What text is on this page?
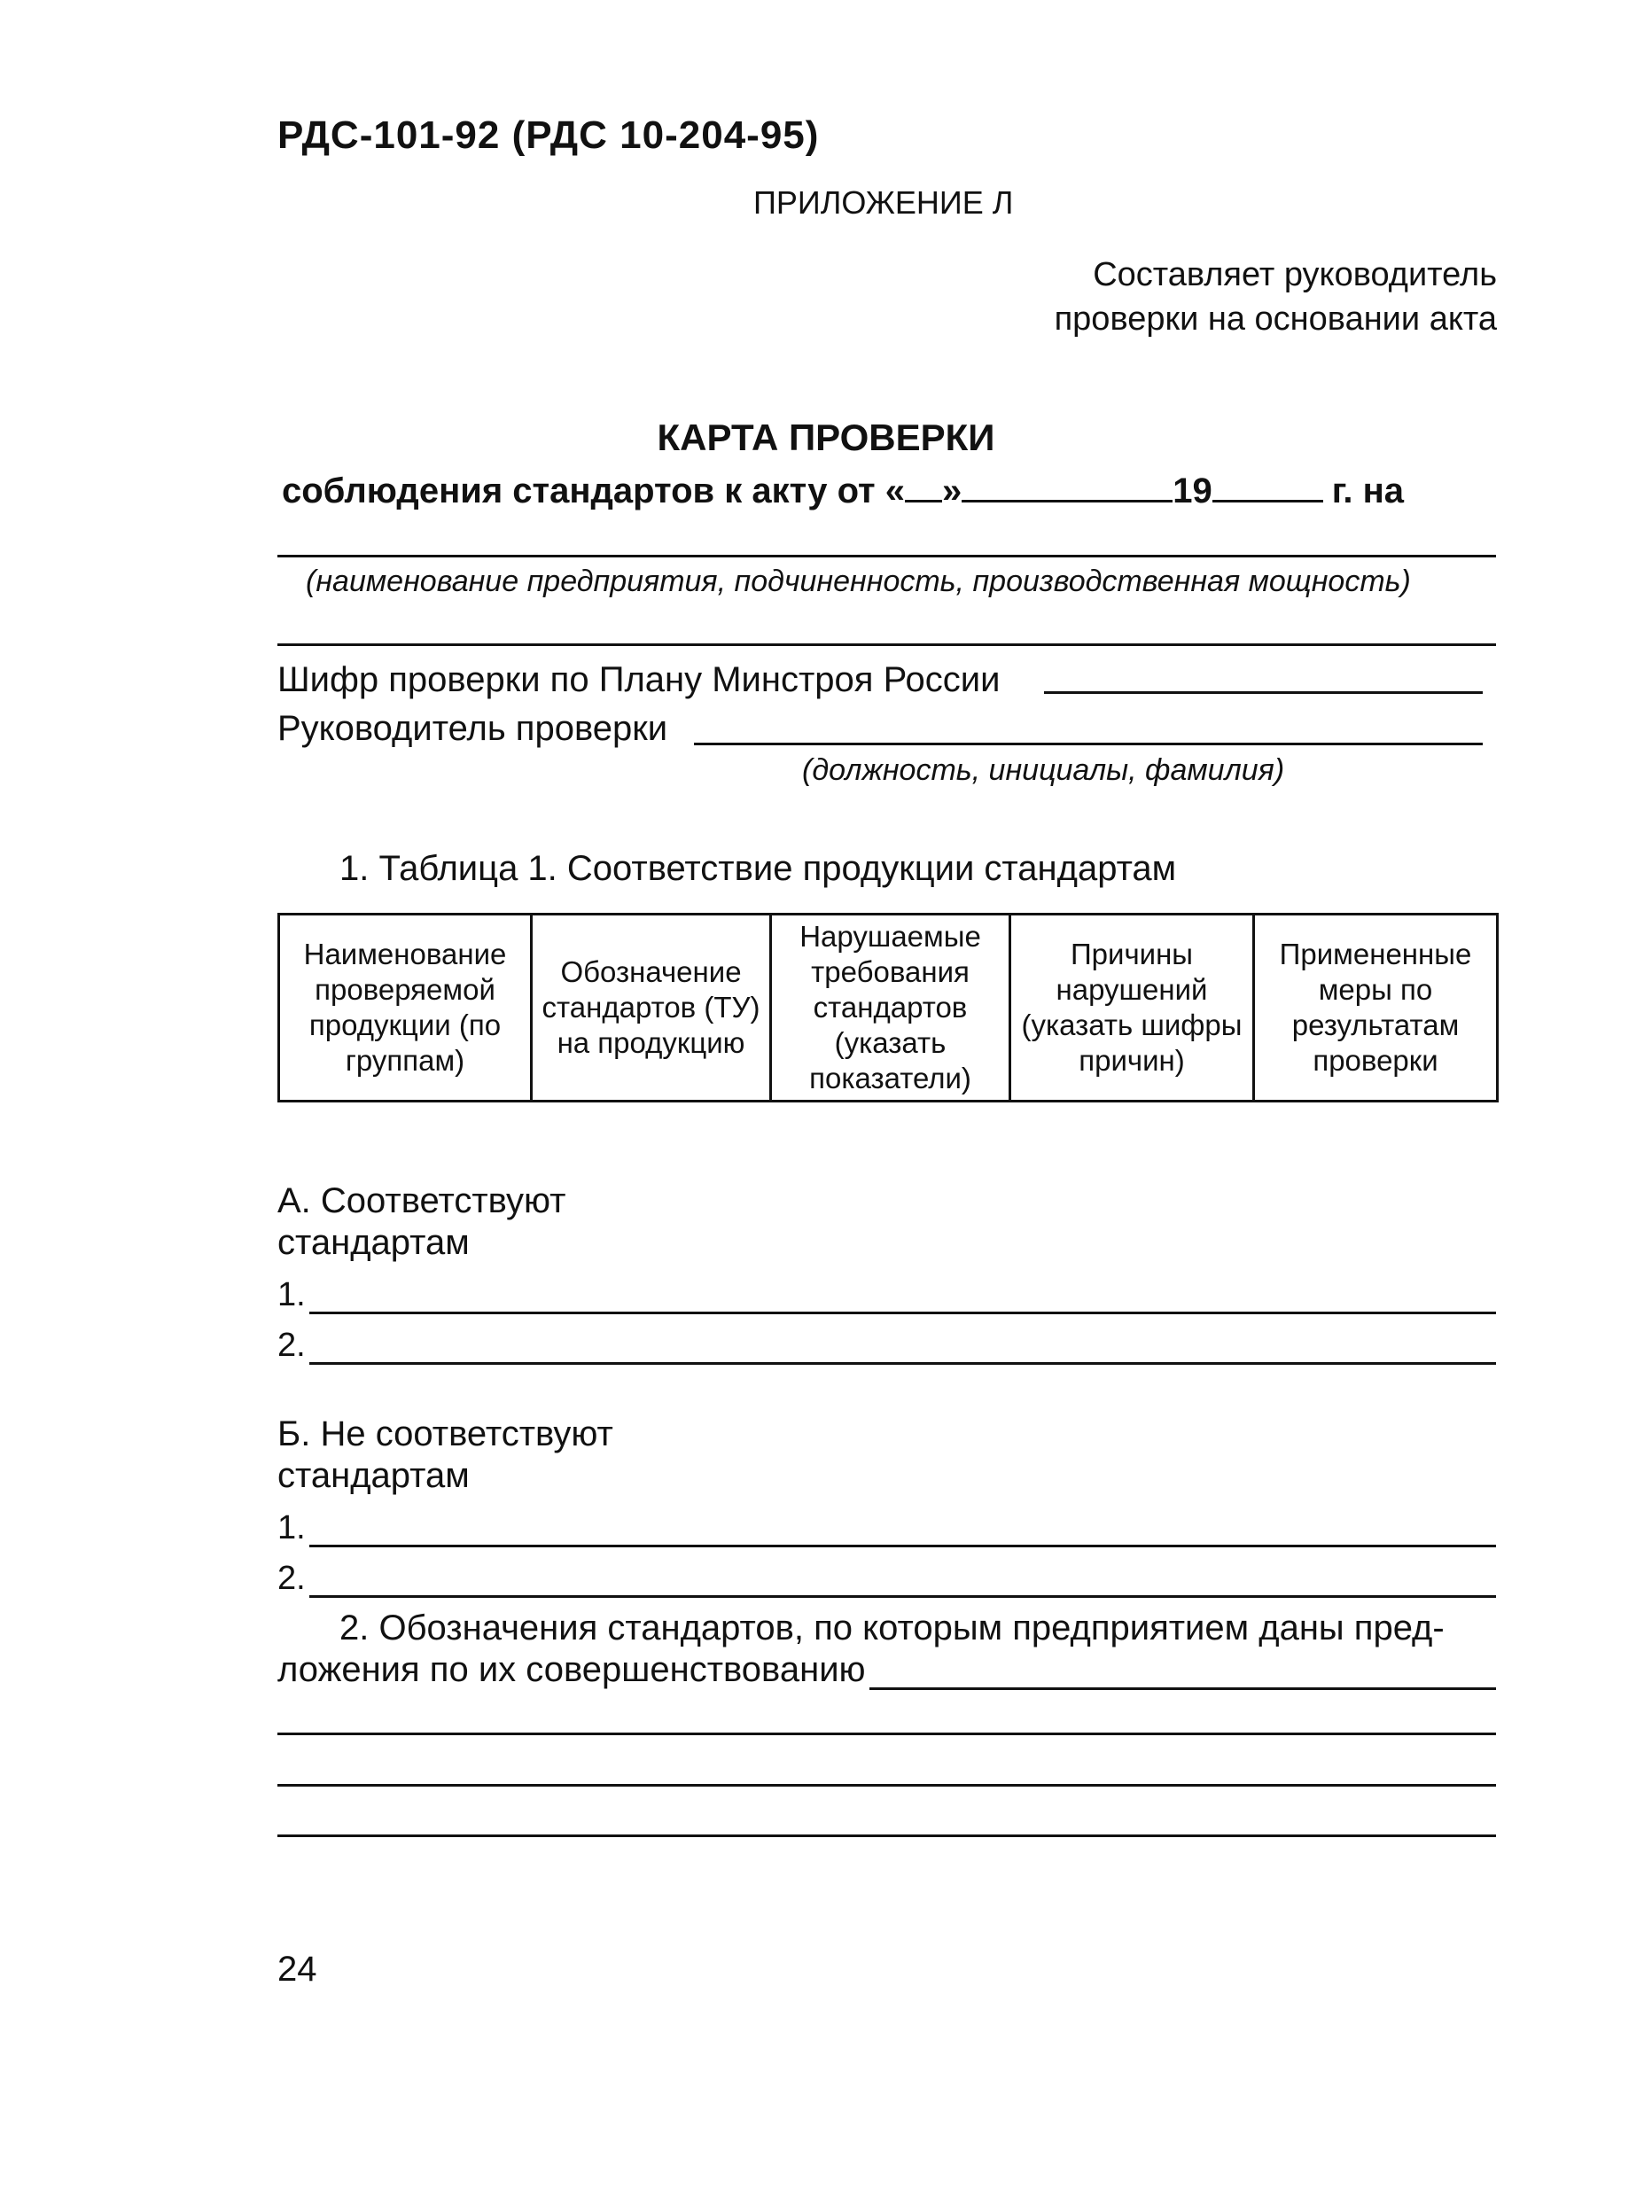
РДС-101-92 (РДС 10-204-95)
ПРИЛОЖЕНИЕ Л
Составляет руководитель
проверки на основании акта
КАРТА ПРОВЕРКИ
соблюдения стандартов к акту от « »	19	г. на
(наименование предприятия, подчиненность, производственная мощность)
Шифр проверки по Плану Минстроя России
Руководитель проверки
(должность, инициалы, фамилия)
1. Таблица 1. Соответствие продукции стандартам
Наименование проверяемой продукции (по группам)	Обозначение стандартов (ТУ) на продукцию	Нарушаемые требования стандартов (указать показатели)	Причины нарушений (указать шифры причин)	Примененные меры по результатам проверки
А. Соответствуют
стандартам
1.
2.
Б. Не соответствуют
стандартам
1.
2.
2. Обозначения стандартов, по которым предприятием даны пред-
ложения по их совершенствованию
24
